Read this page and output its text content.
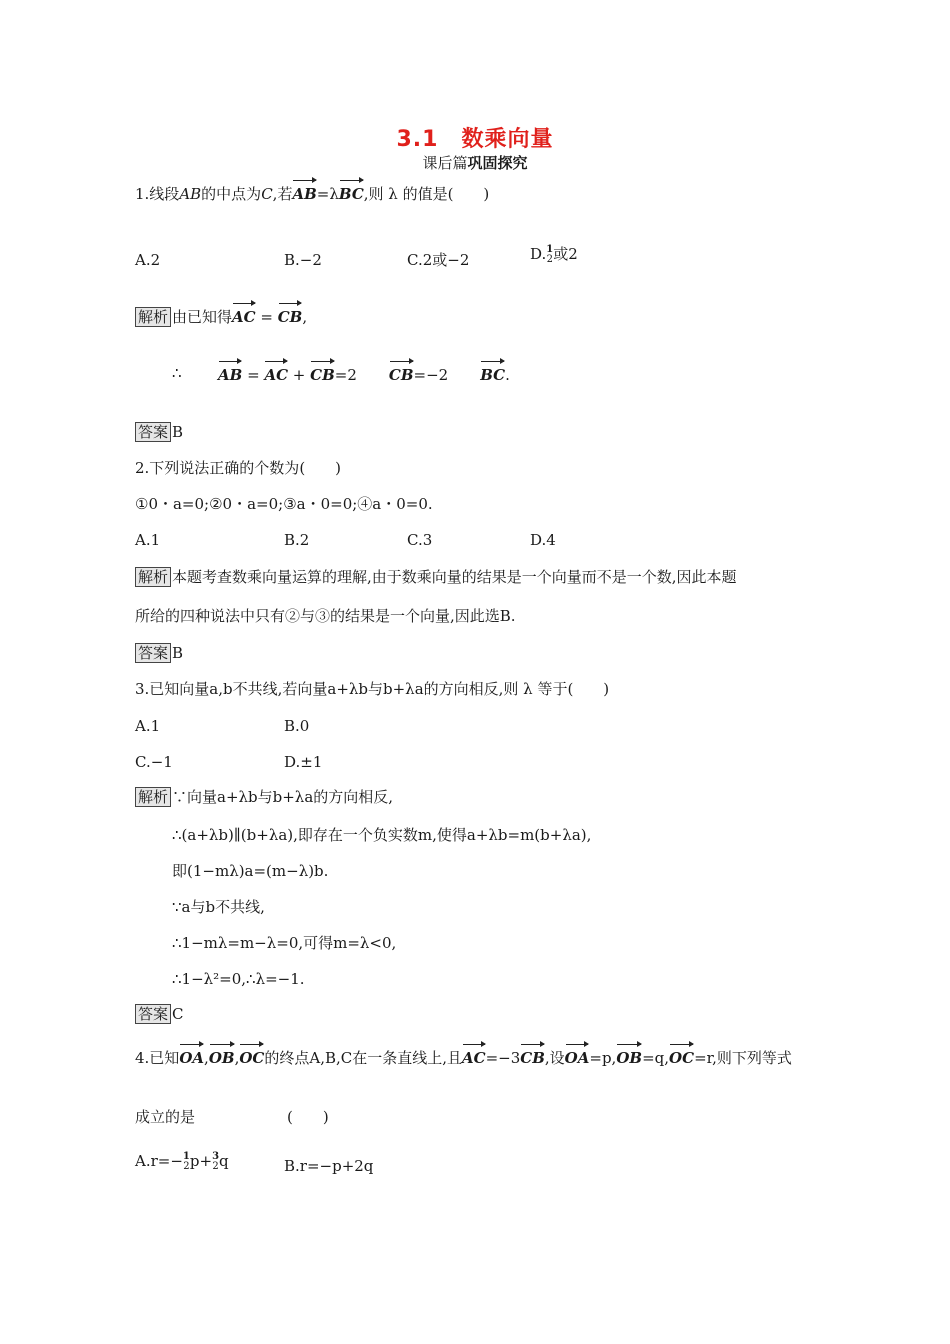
3.1　数乘向量
课后篇巩固探究
1.线段AB的中点为C,若AB=λBC,则 λ 的值是(　　)
A.2	B.−2	C.2或−2	D. 1
2 或2
解析 由已知得AC = CB,
∴ AB = AC + CB=2 CB=−2 BC.
答案 B
2.下列说法正确的个数为(　　)
①0・a=0;②0・a=0;③a・0=0;④a・0=0.
A.1	B.2	C.3	D.4
解析 本题考查数乘向量运算的理解,由于数乘向量的结果是一个向量而不是一个数,因此本题
所给的四种说法中只有②与③的结果是一个向量,因此选B.
答案 B
3.已知向量a,b不共线,若向量a+λb与b+λa的方向相反,则 λ 等于(　　)
A.1	B.0
C.−1	D.±1
解析 ∵向量a+λb与b+λa的方向相反,
∴(a+λb)∥(b+λa),即存在一个负实数m,使得a+λb=m(b+λa),
即(1−mλ)a=(m−λ)b.
∵a与b不共线,
∴1−mλ=m−λ=0,可得m=λ<0,
∴1−λ²=0,∴λ=−1.
答案 C
4.已知OA,OB,OC的终点A,B,C在一条直线上,且AC=−3CB,设OA=p,OB=q,OC=r,则下列等式
成立的是	(　　)
A.r=− 1
2 p+ 3
2 q	B.r=−p+2q
